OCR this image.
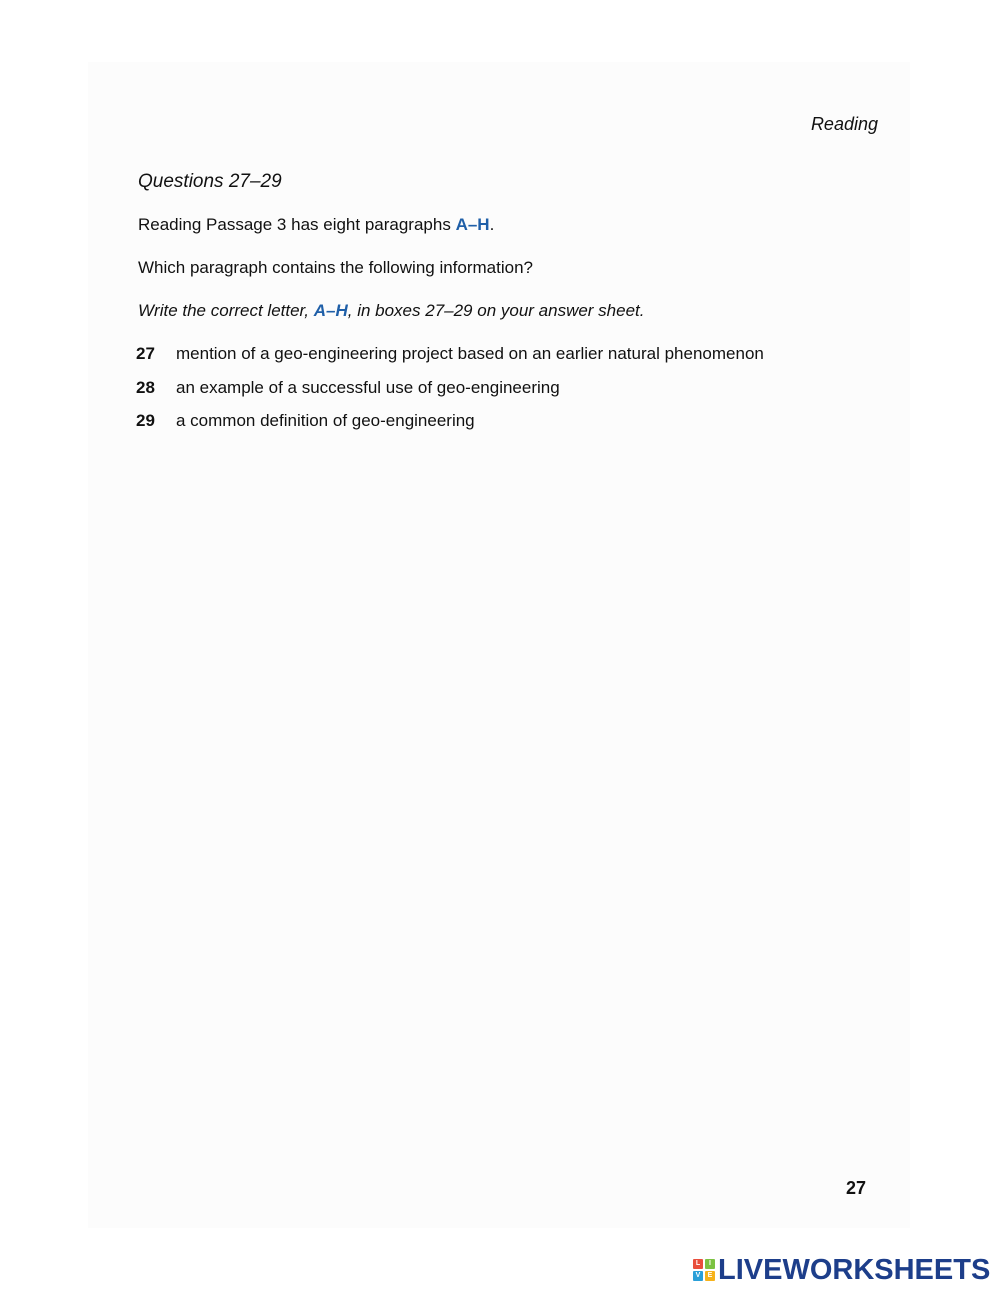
Reading
Questions 27–29
Reading Passage 3 has eight paragraphs A–H.
Which paragraph contains the following information?
Write the correct letter, A–H, in boxes 27–29 on your answer sheet.
27 mention of a geo-engineering project based on an earlier natural phenomenon
28 an example of a successful use of geo-engineering
29 a common definition of geo-engineering
27
L	I
V	E LIVEWORKSHEETS
